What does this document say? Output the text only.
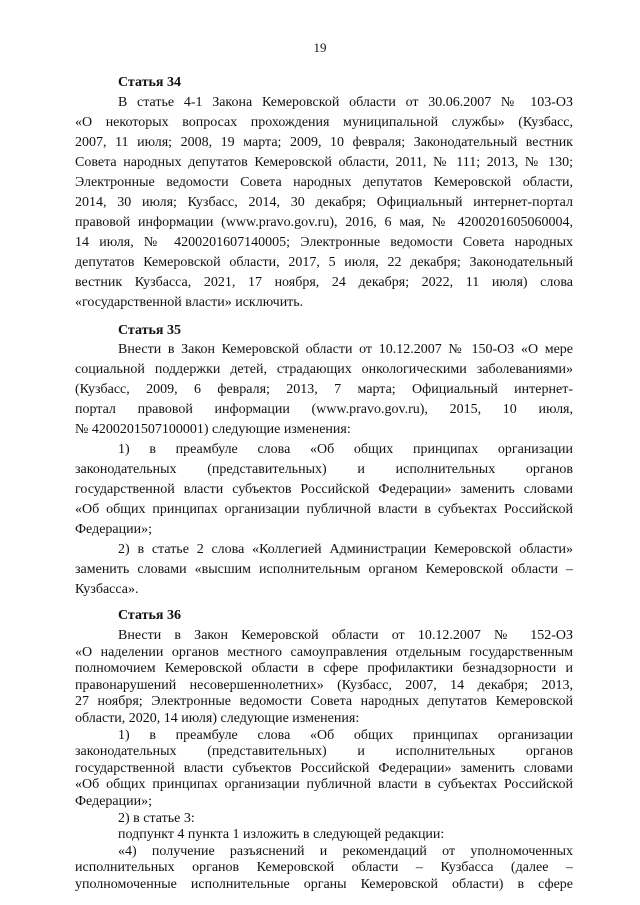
19
Статья 34
В статье 4-1 Закона Кемеровской области от 30.06.2007 № 103-ОЗ
«О некоторых вопросах прохождения муниципальной службы» (Кузбасс,
2007, 11 июля; 2008, 19 марта; 2009, 10 февраля; Законодательный вестник
Совета народных депутатов Кемеровской области, 2011, № 111; 2013, № 130;
Электронные ведомости Совета народных депутатов Кемеровской области,
2014, 30 июля; Кузбасс, 2014, 30 декабря; Официальный интернет-портал
правовой информации (www.pravo.gov.ru), 2016, 6 мая, № 4200201605060004,
14 июля, № 4200201607140005; Электронные ведомости Совета народных
депутатов Кемеровской области, 2017, 5 июля, 22 декабря; Законодательный
вестник Кузбасса, 2021, 17 ноября, 24 декабря; 2022, 11 июля) слова
«государственной власти» исключить.
Статья 35
Внести в Закон Кемеровской области от 10.12.2007 № 150-ОЗ «О мере
социальной поддержки детей, страдающих онкологическими заболеваниями»
(Кузбасс, 2009, 6 февраля; 2013, 7 марта; Официальный интернет-
портал правовой информации (www.pravo.gov.ru), 2015, 10 июля,
№ 4200201507100001) следующие изменения:
1) в преамбуле слова «Об общих принципах организации
законодательных (представительных) и исполнительных органов
государственной власти субъектов Российской Федерации» заменить словами
«Об общих принципах организации публичной власти в субъектах Российской
Федерации»;
2) в статье 2 слова «Коллегией Администрации Кемеровской области»
заменить словами «высшим исполнительным органом Кемеровской области –
Кузбасса».
Статья 36
Внести в Закон Кемеровской области от 10.12.2007 № 152-ОЗ
«О наделении органов местного самоуправления отдельным государственным
полномочием Кемеровской области в сфере профилактики безнадзорности и
правонарушений несовершеннолетних» (Кузбасс, 2007, 14 декабря; 2013,
27 ноября; Электронные ведомости Совета народных депутатов Кемеровской
области, 2020, 14 июля) следующие изменения:
1) в преамбуле слова «Об общих принципах организации
законодательных (представительных) и исполнительных органов
государственной власти субъектов Российской Федерации» заменить словами
«Об общих принципах организации публичной власти в субъектах Российской
Федерации»;
2) в статье 3:
подпункт 4 пункта 1 изложить в следующей редакции:
«4) получение разъяснений и рекомендаций от уполномоченных
исполнительных органов Кемеровской области – Кузбасса (далее –
уполномоченные исполнительные органы Кемеровской области) в сфере
